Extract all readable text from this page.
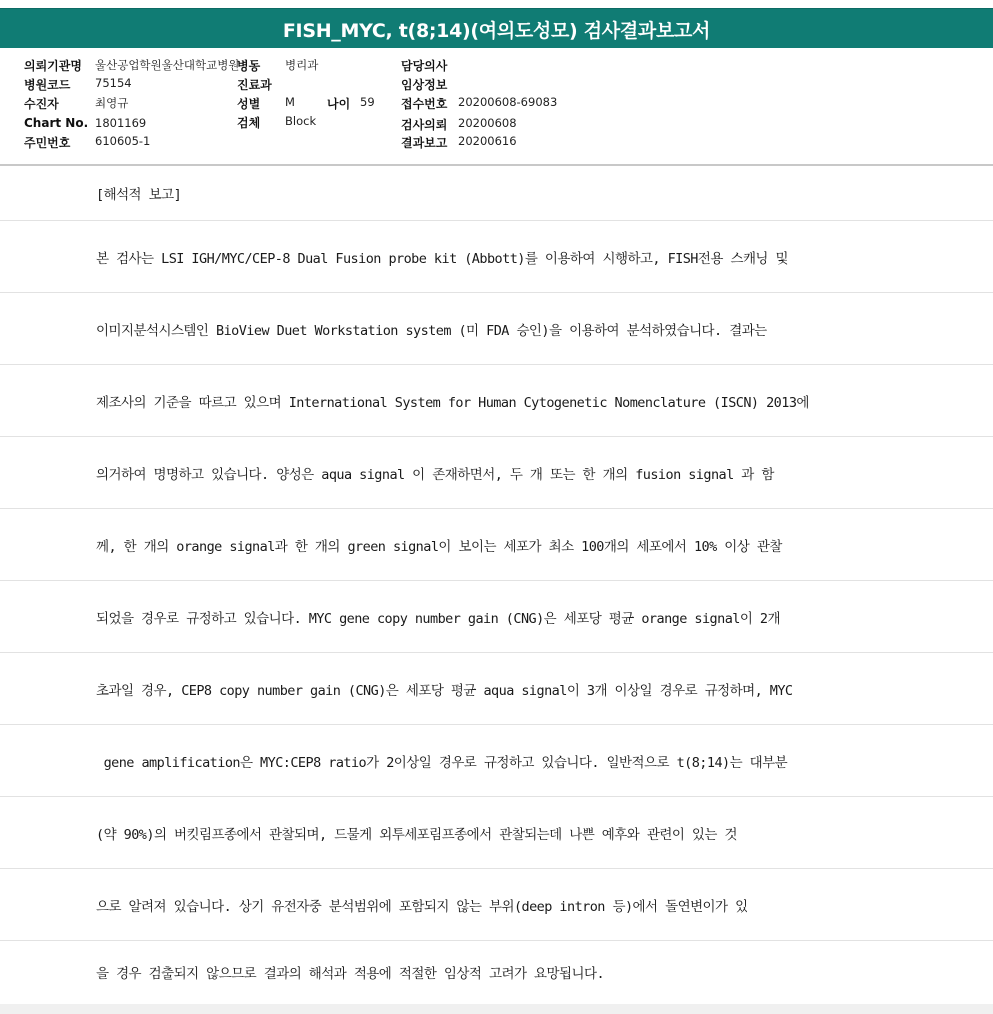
FISH_MYC, t(8;14)(여의도성모) 검사결과보고서
의뢰기관명 울산공업학원울산대학교병원
병원코드 75154
수진자	최영규
Chart No. 1801169
주민번호 610605-1
병동 병리과
진료과
성별 M	나이 59
검체 Block
담당의사
임상정보
접수번호 20200608-69083
검사의뢰 20200608
결과보고 20200616
[해석적 보고]
본 검사는 LSI IGH/MYC/CEP-8 Dual Fusion probe kit (Abbott)를 이용하여 시행하고, FISH전용 스캐닝 및
이미지분석시스템인 BioView Duet Workstation system (미 FDA 승인)을 이용하여 분석하였습니다. 결과는
제조사의 기준을 따르고 있으며 International System for Human Cytogenetic Nomenclature (ISCN) 2013에
의거하여 명명하고 있습니다. 양성은 aqua signal 이 존재하면서, 두 개 또는 한 개의 fusion signal 과 함
께, 한 개의 orange signal과 한 개의 green signal이 보이는 세포가 최소 100개의 세포에서 10% 이상 관찰
되었을 경우로 규정하고 있습니다. MYC gene copy number gain (CNG)은 세포당 평균 orange signal이 2개
초과일 경우, CEP8 copy number gain (CNG)은 세포당 평균 aqua signal이 3개 이상일 경우로 규정하며, MYC
gene amplification은 MYC:CEP8 ratio가 2이상일 경우로 규정하고 있습니다. 일반적으로 t(8;14)는 대부분
(약 90%)의 버킷림프종에서 관찰되며, 드물게 외투세포림프종에서 관찰되는데 나쁜 예후와 관련이 있는 것
으로 알려져 있습니다. 상기 유전자중 분석범위에 포함되지 않는 부위(deep intron 등)에서 돌연변이가 있
을 경우 검출되지 않으므로 결과의 해석과 적용에 적절한 임상적 고려가 요망됩니다.
